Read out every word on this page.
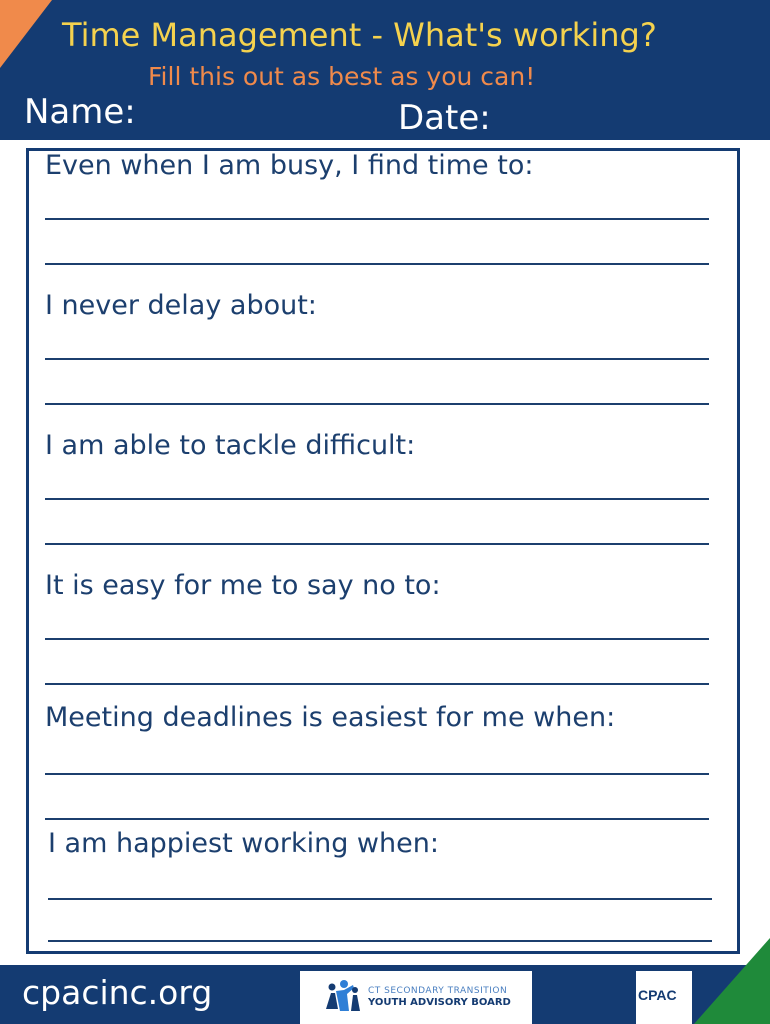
Time Management - What's working?
Fill this out as best as you can!
Name:	Date:
Even when I am busy, I find time to:
I never delay about:
I am able to tackle difficult:
It is easy for me to say no to:
Meeting deadlines is easiest for me when:
I am happiest working when:
cpacinc.org	CT SECONDARY TRANSITION
YOUTH ADVISORY BOARD	CPAC
